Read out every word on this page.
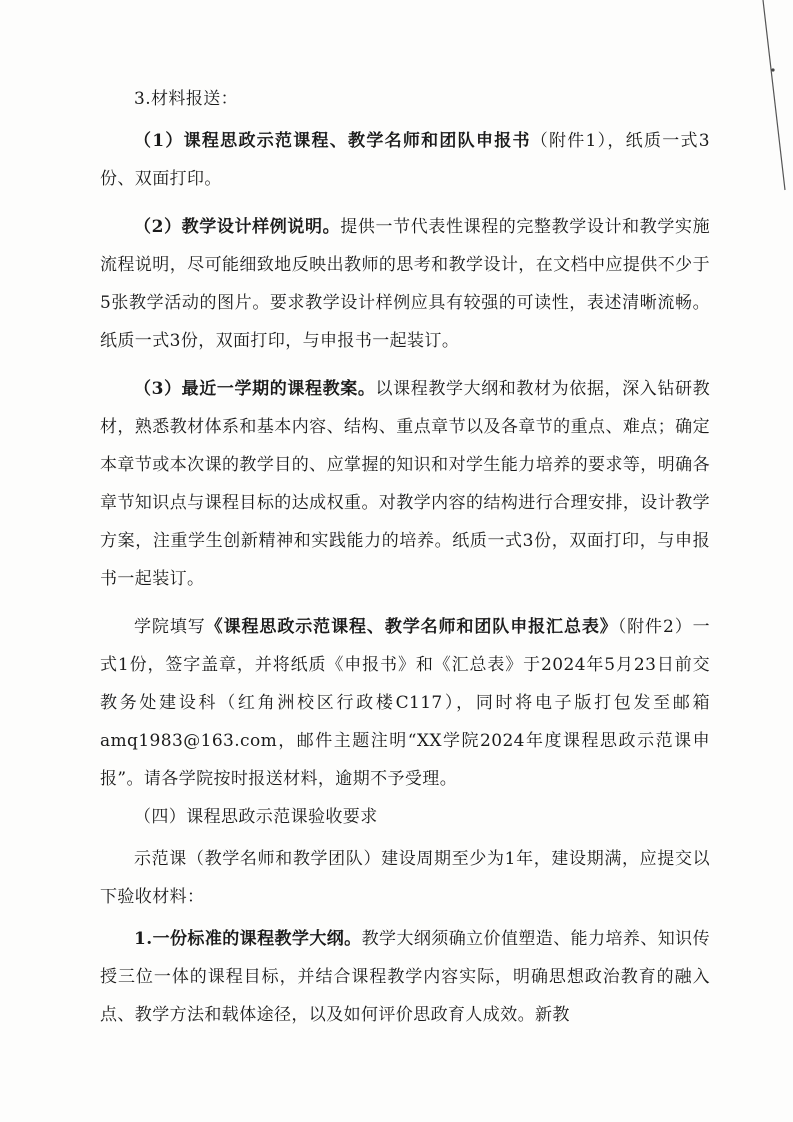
3.材料报送：

（1）课程思政示范课程、教学名师和团队申报书（附件1），纸质一式3份、双面打印。

（2）教学设计样例说明。提供一节代表性课程的完整教学设计和教学实施流程说明，尽可能细致地反映出教师的思考和教学设计，在文档中应提供不少于5张教学活动的图片。要求教学设计样例应具有较强的可读性，表述清晰流畅。纸质一式3份，双面打印，与申报书一起装订。

（3）最近一学期的课程教案。以课程教学大纲和教材为依据，深入钻研教材，熟悉教材体系和基本内容、结构、重点章节以及各章节的重点、难点；确定本章节或本次课的教学目的、应掌握的知识和对学生能力培养的要求等，明确各章节知识点与课程目标的达成权重。对教学内容的结构进行合理安排，设计教学方案，注重学生创新精神和实践能力的培养。纸质一式3份，双面打印，与申报书一起装订。

学院填写《课程思政示范课程、教学名师和团队申报汇总表》（附件2）一式1份，签字盖章，并将纸质《申报书》和《汇总表》于2024年5月23日前交教务处建设科（红角洲校区行政楼C117），同时将电子版打包发至邮箱amq1983@163.com，邮件主题注明“XX学院2024年度课程思政示范课申报”。请各学院按时报送材料，逾期不予受理。

（四）课程思政示范课验收要求

示范课（教学名师和教学团队）建设周期至少为1年，建设期满，应提交以下验收材料：

1.一份标准的课程教学大纲。教学大纲须确立价值塑造、能力培养、知识传授三位一体的课程目标，并结合课程教学内容实际，明确思想政治教育的融入点、教学方法和载体途径，以及如何评价思政育人成效。新教
